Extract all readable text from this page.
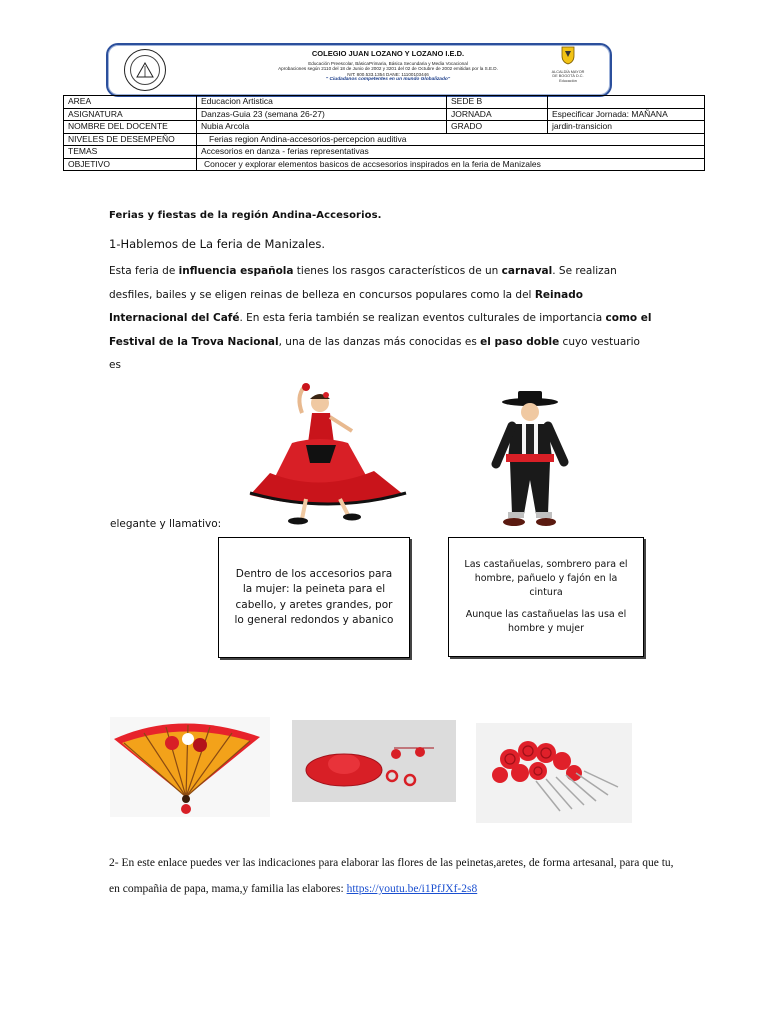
COLEGIO JUAN LOZANO Y LOZANO I.E.D.
Educación Preescolar, BásicaPrimaria, Básica Secundaria y Media Vocacional
Aprobaciones según 2110 del 18 de Junio de 2002 y 3201 del 02 de Octubre de 2002 emitidas por la S.E.D.
NIT: 800.533.1354 DANE: 11100103446
" Ciudadanos competentes en un mundo Globalizado"
ALCALDÍA MAYOR
DE BOGOTÁ D.C.
Educación
AREA	Educacion Artistica	SEDE B	
ASIGNATURA	Danzas-Guia 23 (semana 26-27)	JORNADA	Especificar Jornada: MAÑANA
NOMBRE DEL DOCENTE	Nubia Arcola	GRADO	jardin-transicion
NIVELES DE DESEMPEÑO	Ferias region Andina-accesorios-percepcion auditiva		
TEMAS	Accesorios en danza - ferias representativas		
OBJETIVO	Conocer y explorar elementos basicos de accsesorios inspirados en la feria de Manizales		
Ferias y fiestas de la región Andina-Accesorios.
1-Hablemos de La feria de Manizales.
Esta feria de influencia española tienes los rasgos característicos de un carnaval. Se realizan desfiles, bailes y se eligen reinas de belleza en concursos populares como la del Reinado Internacional del Café. En esta feria también se realizan eventos culturales de importancia como el Festival de la Trova Nacional, una de las danzas más conocidas es el paso doble cuyo vestuario es
elegante y llamativo:
Dentro de los accesorios para la mujer: la peineta para el cabello, y aretes grandes, por lo general redondos y abanico

Las castañuelas, sombrero para el hombre, pañuelo y fajón en la cintura

Aunque las castañuelas las usa el hombre y mujer

2- En este enlace puedes ver las indicaciones para elaborar las flores de las peinetas,aretes, de forma artesanal, para que tu, en compañia de papa, mama,y familia las elabores: https://youtu.be/i1PfJXf-2s8
